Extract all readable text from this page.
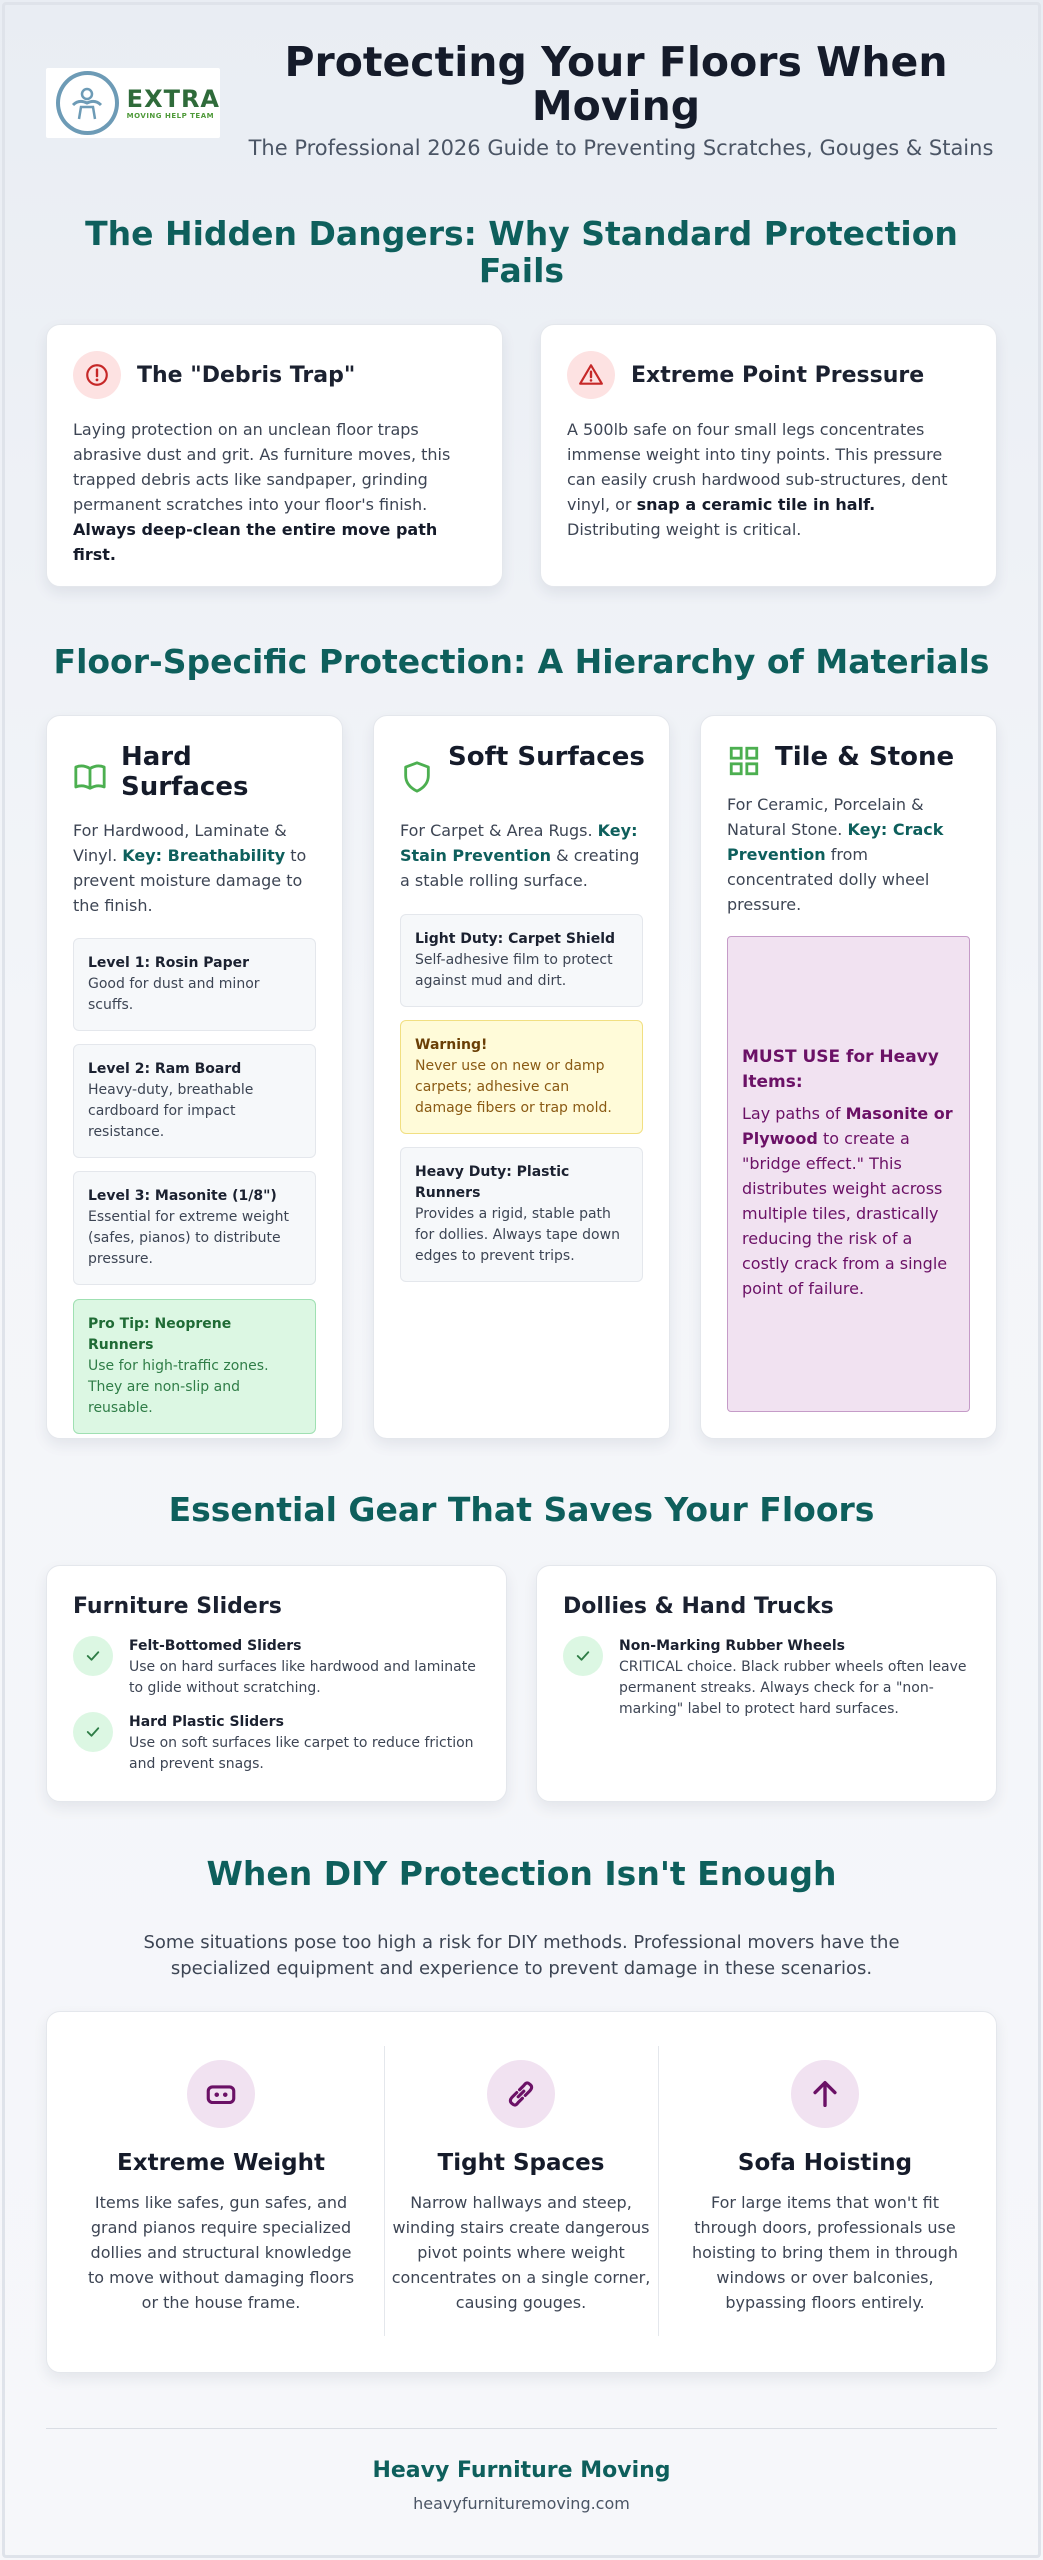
EXTRA
MOVING HELP TEAM
Protecting Your Floors When Moving
The Professional 2026 Guide to Preventing Scratches, Gouges & Stains
The Hidden Dangers: Why Standard Protection Fails
The "Debris Trap"

Laying protection on an unclean floor traps abrasive dust and grit. As furniture moves, this trapped debris acts like sandpaper, grinding permanent scratches into your floor's finish. Always deep-clean the entire move path first.

Extreme Point Pressure

A 500lb safe on four small legs concentrates immense weight into tiny points. This pressure can easily crush hardwood sub-structures, dent vinyl, or snap a ceramic tile in half. Distributing weight is critical.

Floor-Specific Protection: A Hierarchy of Materials
Hard Surfaces
For Hardwood, Laminate & Vinyl. Key: Breathability to prevent moisture damage to the finish.
Level 1: Rosin Paper
Good for dust and minor scuffs.
Level 2: Ram Board
Heavy-duty, breathable cardboard for impact resistance.
Level 3: Masonite (1/8")
Essential for extreme weight (safes, pianos) to distribute pressure.
Pro Tip: Neoprene Runners
Use for high-traffic zones. They are non-slip and reusable.
Soft Surfaces
For Carpet & Area Rugs. Key: Stain Prevention & creating a stable rolling surface.
Light Duty: Carpet Shield
Self-adhesive film to protect against mud and dirt.
Warning!
Never use on new or damp carpets; adhesive can damage fibers or trap mold.
Heavy Duty: Plastic Runners
Provides a rigid, stable path for dollies. Always tape down edges to prevent trips.
Tile & Stone
For Ceramic, Porcelain & Natural Stone. Key: Crack Prevention from concentrated dolly wheel pressure.
MUST USE for Heavy Items:
Lay paths of Masonite or Plywood to create a "bridge effect." This distributes weight across multiple tiles, drastically reducing the risk of a costly crack from a single point of failure.
Essential Gear That Saves Your Floors
Furniture Sliders
Felt-Bottomed Sliders
Use on hard surfaces like hardwood and laminate to glide without scratching.
Hard Plastic Sliders
Use on soft surfaces like carpet to reduce friction and prevent snags.
Dollies & Hand Trucks
Non-Marking Rubber Wheels
CRITICAL choice. Black rubber wheels often leave permanent streaks. Always check for a "non-marking" label to protect hard surfaces.
When DIY Protection Isn't Enough
Some situations pose too high a risk for DIY methods. Professional movers have the specialized equipment and experience to prevent damage in these scenarios.
Extreme Weight

Items like safes, gun safes, and grand pianos require specialized dollies and structural knowledge to move without damaging floors or the house frame.

Tight Spaces

Narrow hallways and steep, winding stairs create dangerous pivot points where weight concentrates on a single corner, causing gouges.

Sofa Hoisting

For large items that won't fit through doors, professionals use hoisting to bring them in through windows or over balconies, bypassing floors entirely.

Heavy Furniture Moving
heavyfurnituremoving.com
